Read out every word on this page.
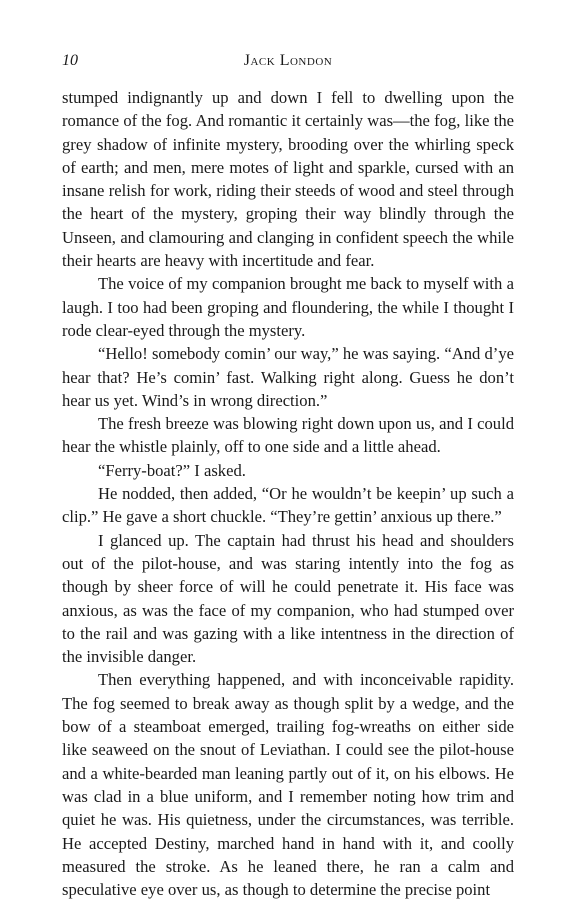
10	Jack London

stumped indignantly up and down I fell to dwelling upon the romance of the fog. And romantic it certainly was—the fog, like the grey shadow of infinite mystery, brooding over the whirling speck of earth; and men, mere motes of light and sparkle, cursed with an insane relish for work, riding their steeds of wood and steel through the heart of the mystery, groping their way blindly through the Unseen, and clamouring and clanging in confident speech the while their hearts are heavy with incertitude and fear.

The voice of my companion brought me back to myself with a laugh. I too had been groping and floundering, the while I thought I rode clear-eyed through the mystery.

“Hello! somebody comin’ our way,” he was saying. “And d’ye hear that? He’s comin’ fast. Walking right along. Guess he don’t hear us yet. Wind’s in wrong direction.”

The fresh breeze was blowing right down upon us, and I could hear the whistle plainly, off to one side and a little ahead.

“Ferry-boat?” I asked.

He nodded, then added, “Or he wouldn’t be keepin’ up such a clip.” He gave a short chuckle. “They’re gettin’ anxious up there.”

I glanced up. The captain had thrust his head and shoulders out of the pilot-house, and was staring intently into the fog as though by sheer force of will he could penetrate it. His face was anxious, as was the face of my companion, who had stumped over to the rail and was gazing with a like intentness in the direction of the invisible danger.

Then everything happened, and with inconceivable rapidity. The fog seemed to break away as though split by a wedge, and the bow of a steamboat emerged, trailing fog-wreaths on either side like seaweed on the snout of Leviathan. I could see the pilot-house and a white-bearded man leaning partly out of it, on his elbows. He was clad in a blue uniform, and I remember noting how trim and quiet he was. His quietness, under the circumstances, was terrible. He accepted Destiny, marched hand in hand with it, and coolly measured the stroke. As he leaned there, he ran a calm and speculative eye over us, as though to determine the precise point
